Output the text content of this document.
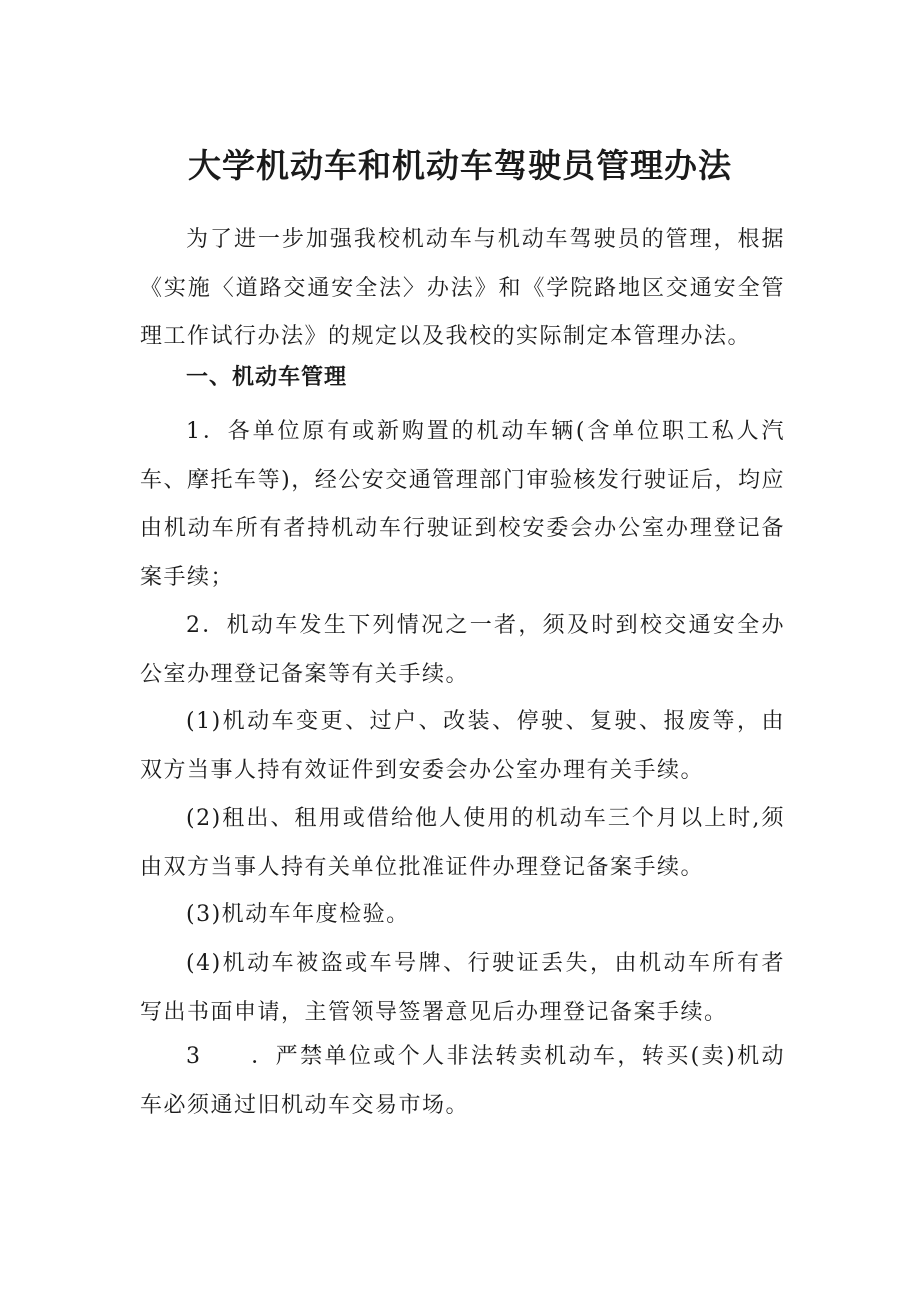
大学机动车和机动车驾驶员管理办法
为了进一步加强我校机动车与机动车驾驶员的管理，根据《实施〈道路交通安全法〉办法》和《学院路地区交通安全管理工作试行办法》的规定以及我校的实际制定本管理办法。
一、机动车管理
1．各单位原有或新购置的机动车辆(含单位职工私人汽车、摩托车等)，经公安交通管理部门审验核发行驶证后，均应由机动车所有者持机动车行驶证到校安委会办公室办理登记备案手续；
2．机动车发生下列情况之一者，须及时到校交通安全办公室办理登记备案等有关手续。
(1)机动车变更、过户、改装、停驶、复驶、报废等，由双方当事人持有效证件到安委会办公室办理有关手续。
(2)租出、租用或借给他人使用的机动车三个月以上时,须由双方当事人持有关单位批准证件办理登记备案手续。
(3)机动车年度检验。
(4)机动车被盗或车号牌、行驶证丢失，由机动车所有者写出书面申请，主管领导签署意见后办理登记备案手续。
3　　．严禁单位或个人非法转卖机动车，转买(卖)机动车必须通过旧机动车交易市场。
